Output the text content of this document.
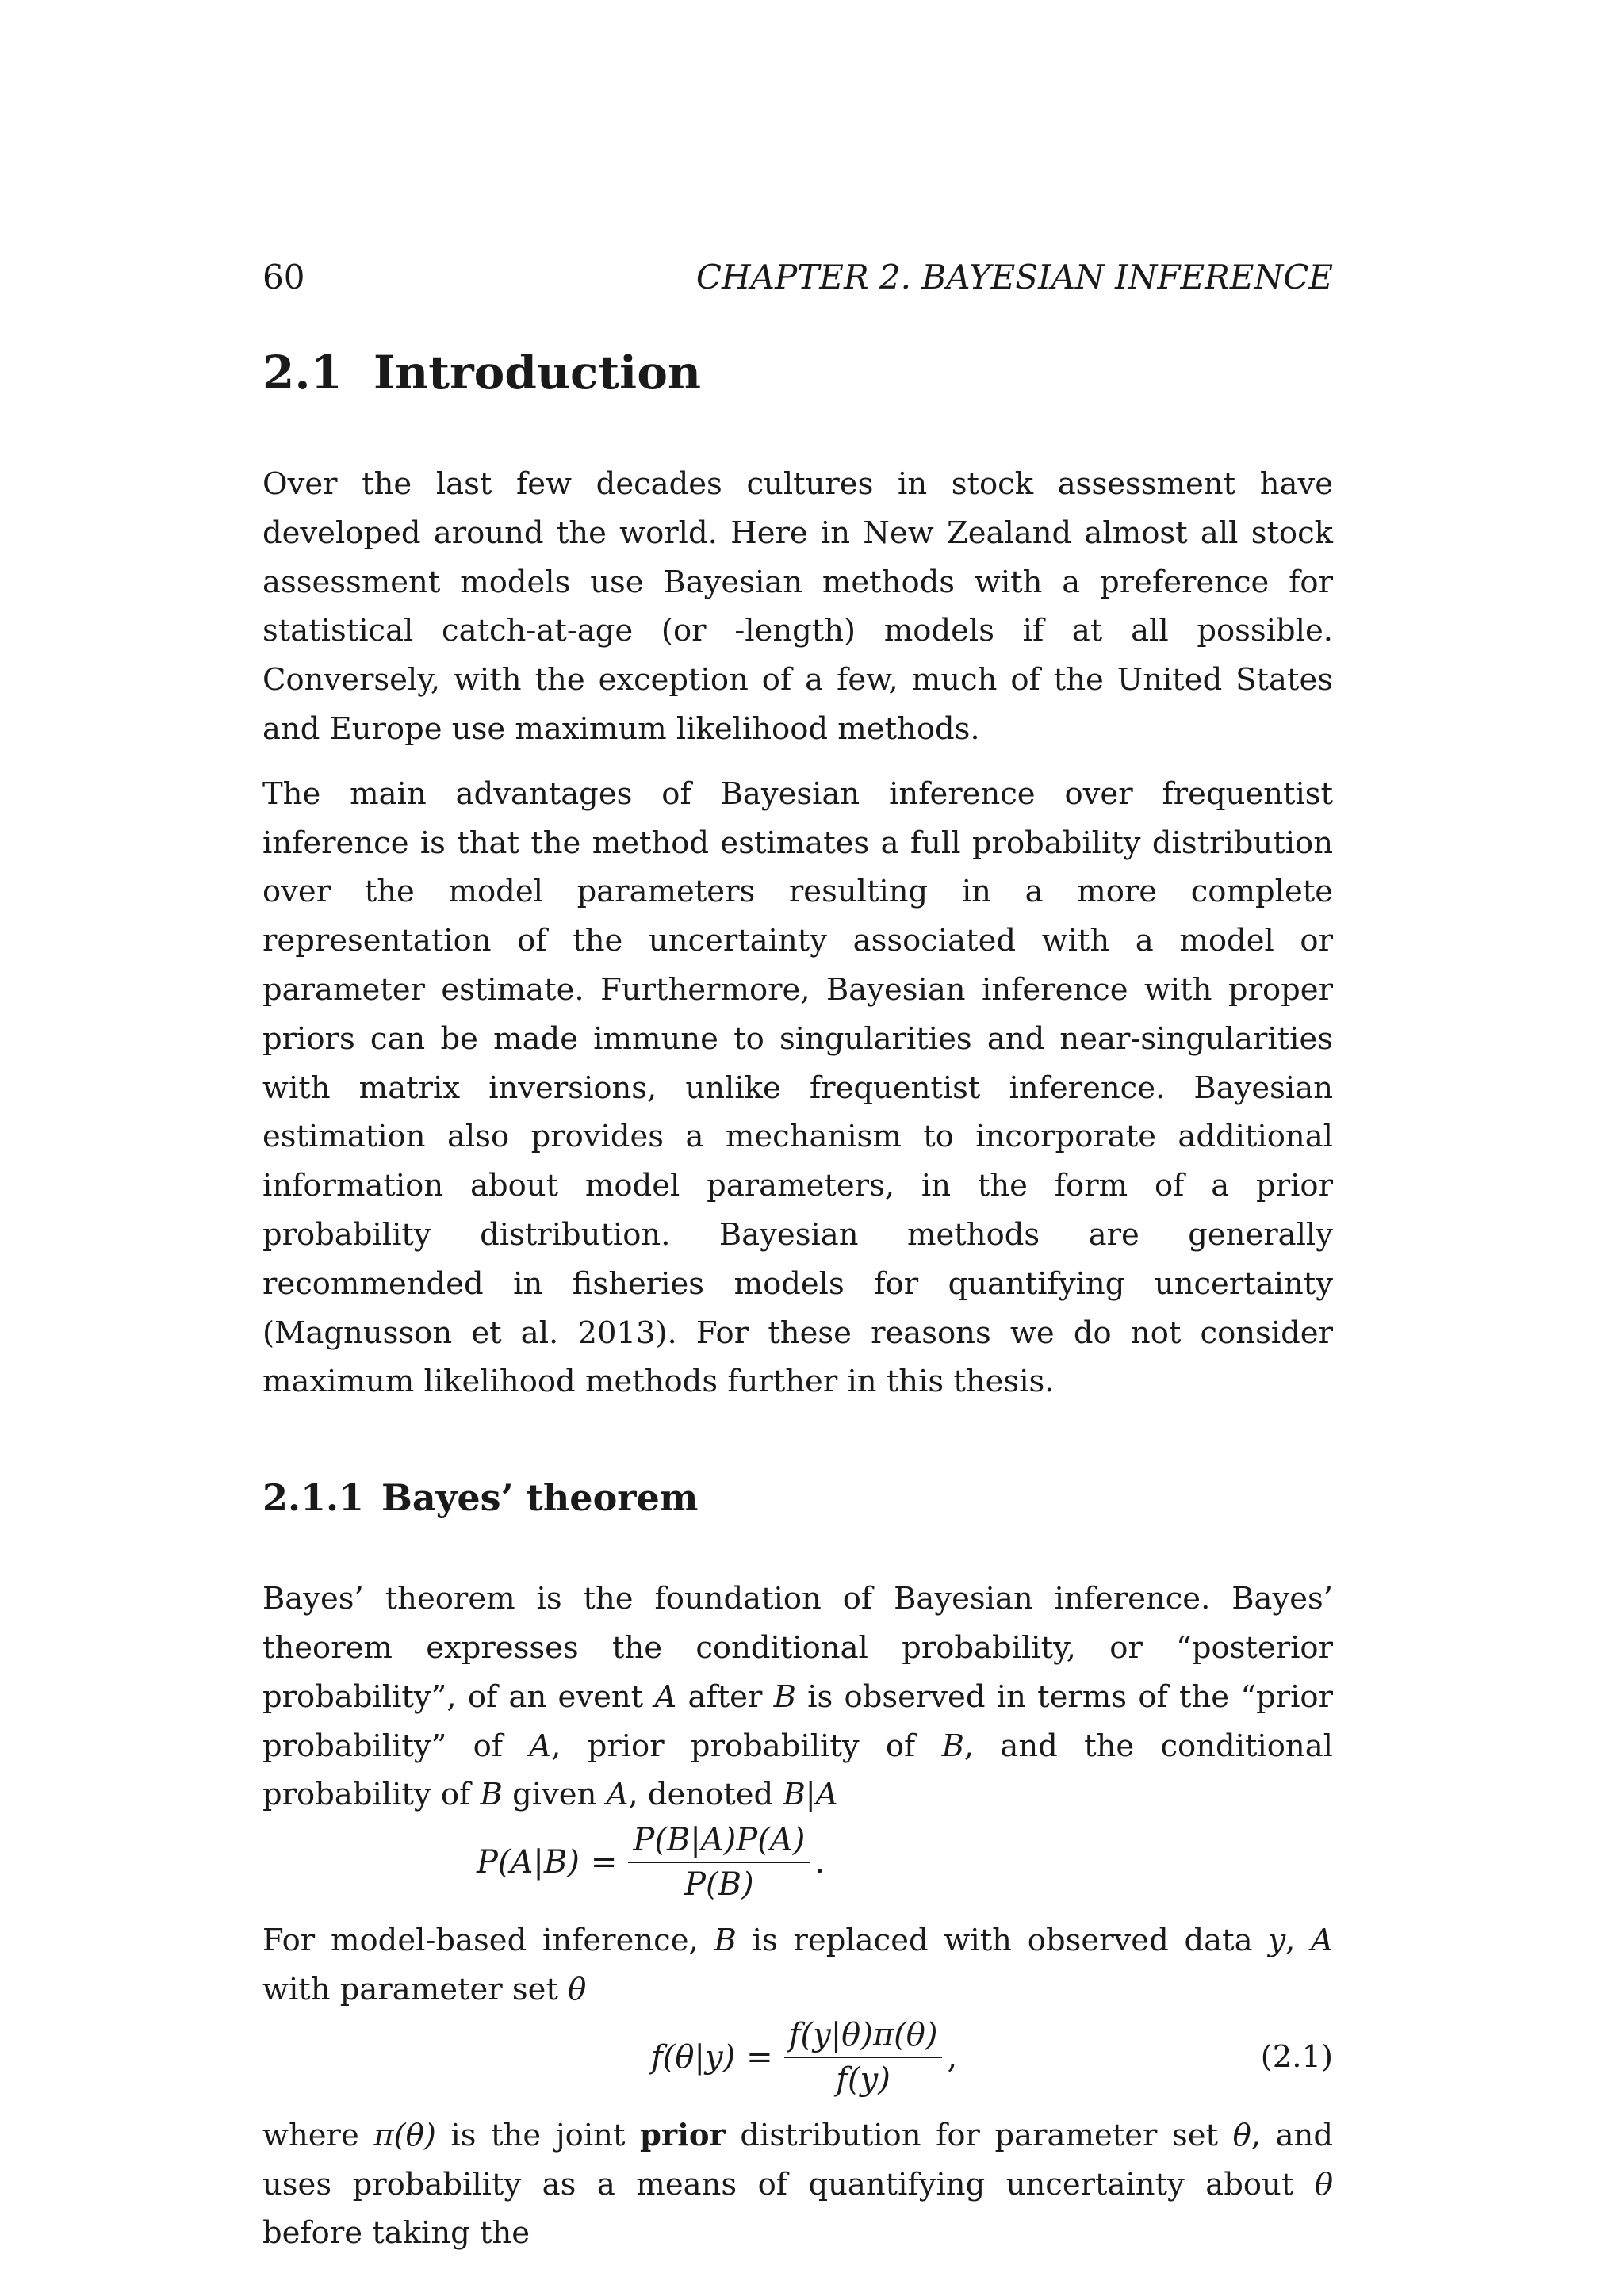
60	CHAPTER 2. BAYESIAN INFERENCE
2.1 Introduction

Over the last few decades cultures in stock assessment have developed around the world. Here in New Zealand almost all stock assessment models use Bayesian methods with a preference for statistical catch-at-age (or -length) models if at all possible. Conversely, with the exception of a few, much of the United States and Europe use maximum likelihood methods.

The main advantages of Bayesian inference over frequentist inference is that the method estimates a full probability distribution over the model parameters resulting in a more complete representation of the uncertainty associated with a model or parameter estimate. Furthermore, Bayesian inference with proper priors can be made immune to singularities and near-singularities with matrix inversions, unlike frequentist inference. Bayesian estimation also provides a mechanism to incorporate additional information about model parameters, in the form of a prior probability distribution. Bayesian methods are generally recommended in fisheries models for quantifying uncertainty (Magnusson et al. 2013). For these reasons we do not consider maximum likelihood methods further in this thesis.

2.1.1 Bayes’ theorem

Bayes’ theorem is the foundation of Bayesian inference. Bayes’ theorem expresses the conditional probability, or “posterior probability”, of an event A after B is observed in terms of the “prior probability” of A, prior probability of B, and the conditional probability of B given A, denoted B|A

$P(A|B) = \frac{P(B|A)P(A)}{P(B)}$ .

For model-based inference, B is replaced with observed data y, A with parameter set θ

$f(\theta|y) = \frac{f(y|\theta)\pi(\theta)}{f(y)}$ ,	(2.1)

where π(θ) is the joint prior distribution for parameter set θ, and uses probability as a means of quantifying uncertainty about θ before taking the
